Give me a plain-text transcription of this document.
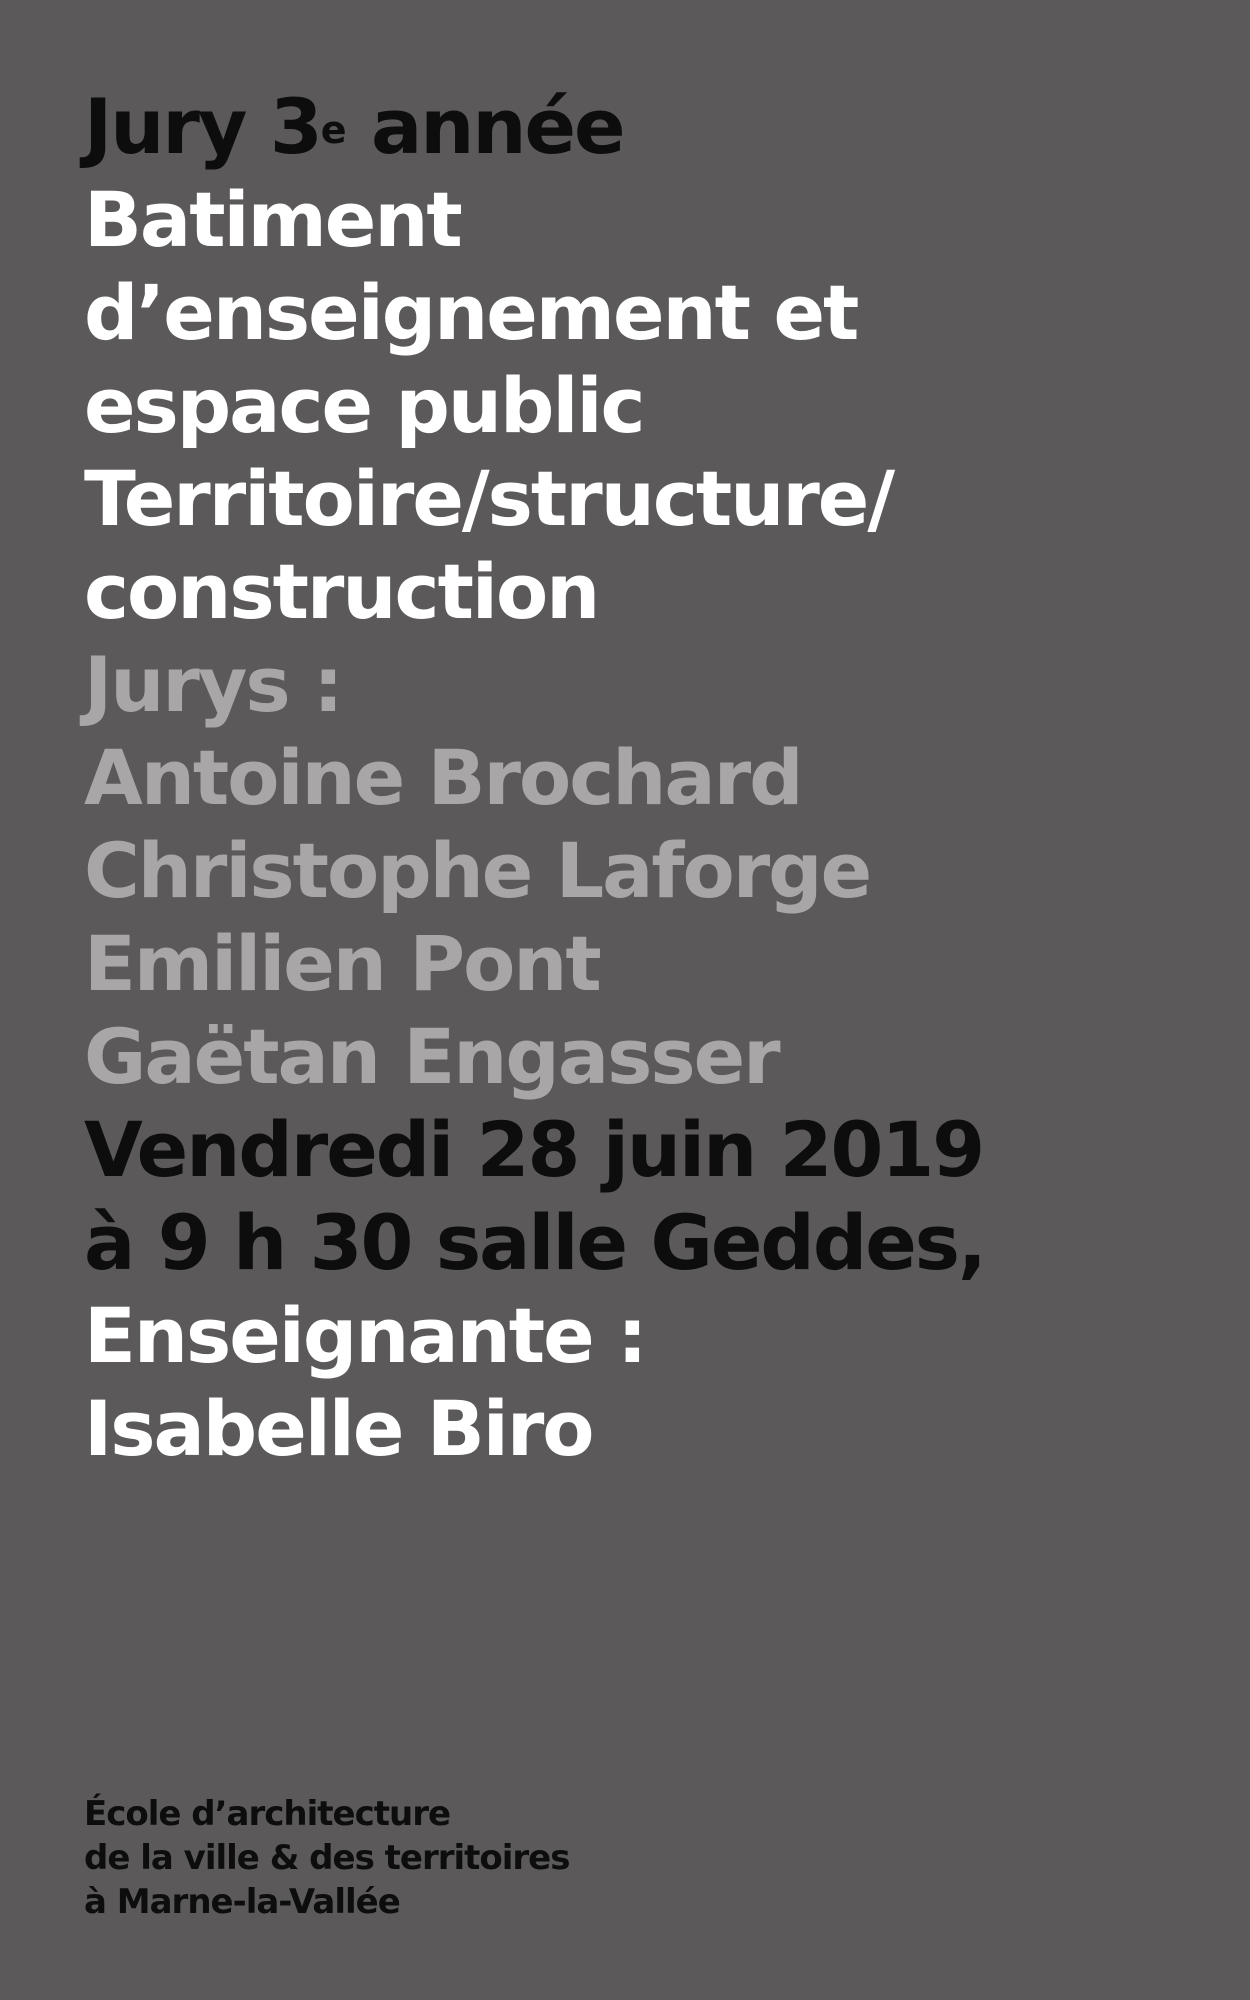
Jury 3e année
Batiment
d’enseignement et
espace public
Territoire/structure/
construction
Jurys :
Antoine Brochard
Christophe Laforge
Emilien Pont
Gaëtan Engasser
Vendredi 28 juin 2019
à 9 h 30 salle Geddes,
Enseignante :
Isabelle Biro
École d’architecture
de la ville & des territoires
à Marne-la-Vallée
